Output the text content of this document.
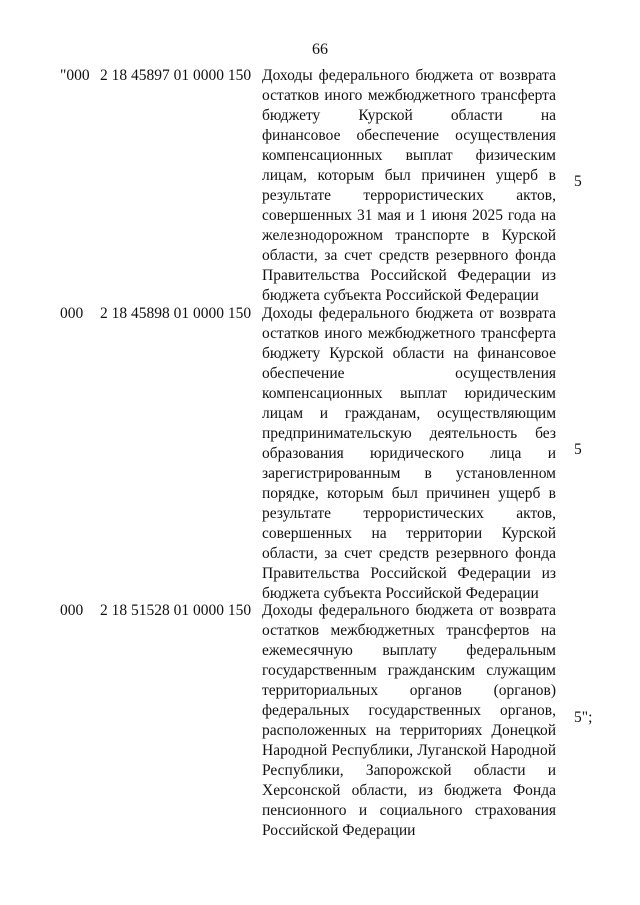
66
"000 2 18 45897 01 0000 150 Доходы федерального бюджета от возврата
остатков иного межбюджетного трансферта
бюджету Курской области на
финансовое обеспечение осуществления
компенсационных выплат физическим
лицам, которым был причинен ущерб в
результате террористических актов,
совершенных 31 мая и 1 июня 2025 года на
железнодорожном транспорте в Курской
области, за счет средств резервного фонда
Правительства Российской Федерации из
бюджета субъекта Российской Федерации
5
000 2 18 45898 01 0000 150 Доходы федерального бюджета от возврата
остатков иного межбюджетного трансферта
бюджету Курской области на финансовое
обеспечение осуществления
компенсационных выплат юридическим
лицам и гражданам, осуществляющим
предпринимательскую деятельность без
образования юридического лица и
зарегистрированным в установленном
порядке, которым был причинен ущерб в
результате террористических актов,
совершенных на территории Курской
области, за счет средств резервного фонда
Правительства Российской Федерации из
бюджета субъекта Российской Федерации
5
000 2 18 51528 01 0000 150 Доходы федерального бюджета от возврата
остатков межбюджетных трансфертов на
ежемесячную выплату федеральным
государственным гражданским служащим
территориальных органов (органов)
федеральных государственных органов,
расположенных на территориях Донецкой
Народной Республики, Луганской Народной
Республики, Запорожской области и
Херсонской области, из бюджета Фонда
пенсионного и социального страхования
Российской Федерации
5";
